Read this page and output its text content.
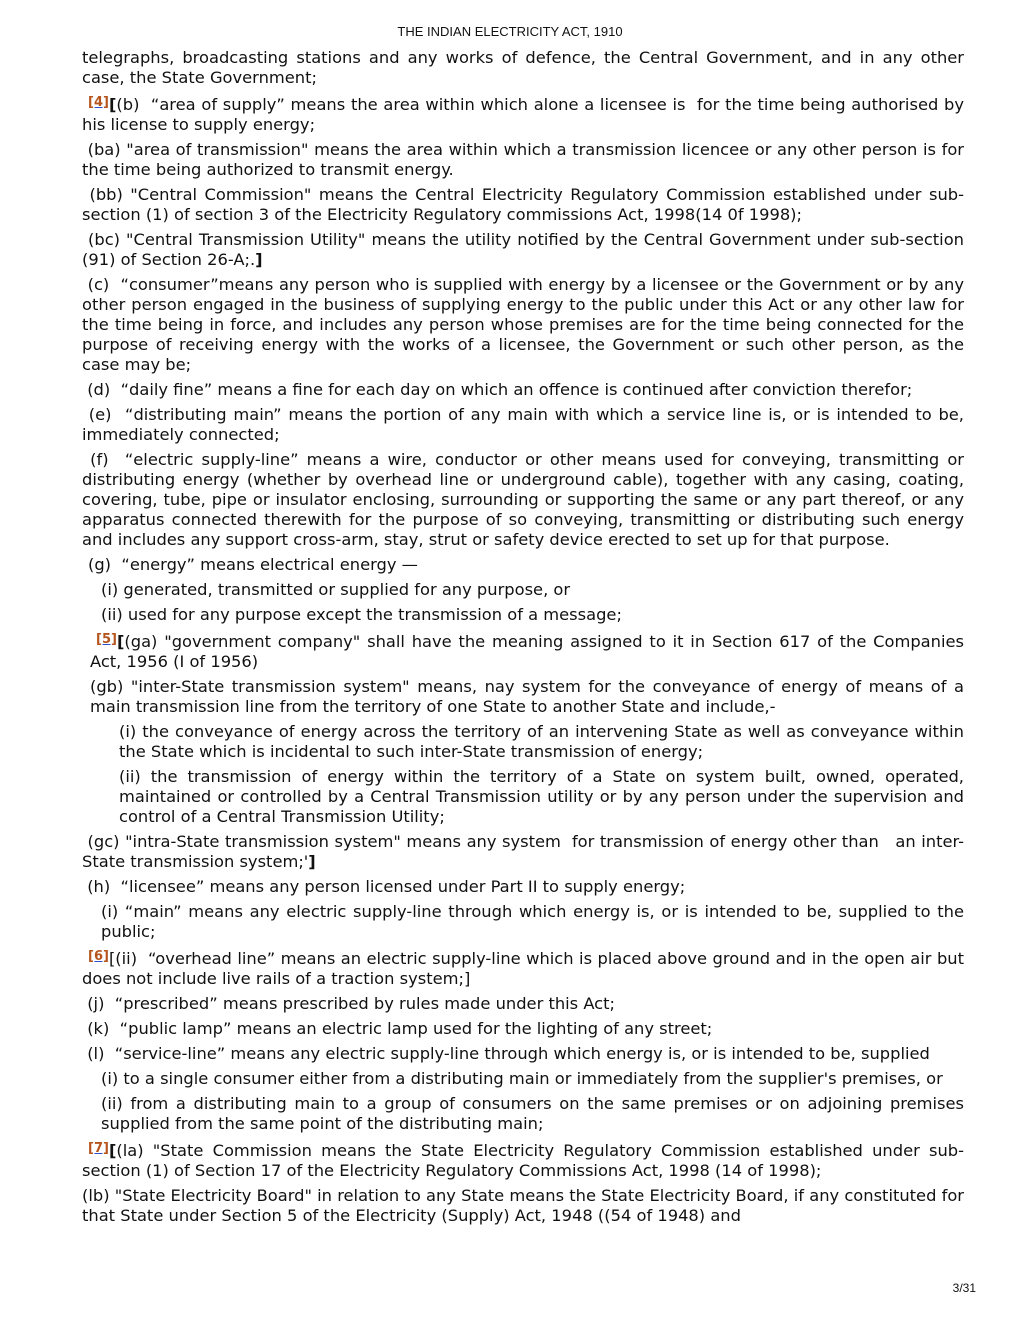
THE INDIAN ELECTRICITY ACT, 1910

telegraphs, broadcasting stations and any works of defence, the Central Government, and in any other case, the State Government;

[4][(b)  “area of supply” means the area within which alone a licensee is  for the time being authorised by his license to supply energy;

(ba) "area of transmission" means the area within which a transmission licencee or any other person is for the time being authorized to transmit energy.

(bb) "Central Commission" means the Central Electricity Regulatory Commission established under sub-section (1) of section 3 of the Electricity Regulatory commissions Act, 1998(14 0f 1998);

(bc) "Central Transmission Utility" means the utility notified by the Central Government under sub-section (91) of Section 26-A;.]

(c)  “consumer”means any person who is supplied with energy by a licensee or the Government or by any other person engaged in the business of supplying energy to the public under this Act or any other law for the time being in force, and includes any person whose premises are for the time being connected for the purpose of receiving energy with the works of a licensee, the Government or such other person, as the case may be;

(d)  “daily fine” means a fine for each day on which an offence is continued after conviction therefor;

(e)  “distributing main” means the portion of any main with which a service line is, or is intended to be, immediately connected;

(f)  “electric supply-line” means a wire, conductor or other means used for conveying, transmitting or distributing energy (whether by overhead line or underground cable), together with any casing, coating, covering, tube, pipe or insulator enclosing, surrounding or supporting the same or any part thereof, or any apparatus connected therewith for the purpose of so conveying, transmitting or distributing such energy and includes any support cross-arm, stay, strut or safety device erected to set up for that purpose.

(g)  “energy” means electrical energy —

(i) generated, transmitted or supplied for any purpose, or

(ii) used for any purpose except the transmission of a message;

[5][(ga) "government company" shall have the meaning assigned to it in Section 617 of the Companies Act, 1956 (I of 1956)

(gb) "inter-State transmission system" means, nay system for the conveyance of energy of means of a main transmission line from the territory of one State to another State and include,-

(i) the conveyance of energy across the territory of an intervening State as well as conveyance within the State which is incidental to such inter-State transmission of energy;

(ii) the transmission of energy within the territory of a State on system built, owned, operated, maintained or controlled by a Central Transmission utility or by any person under the supervision and control of a Central Transmission Utility;

(gc) "intra-State transmission system" means any system  for transmission of energy other than   an inter-State transmission system;']

(h)  “licensee” means any person licensed under Part II to supply energy;

(i) “main” means any electric supply-line through which energy is, or is intended to be, supplied to the public;

[6][(ii)  “overhead line” means an electric supply-line which is placed above ground and in the open air but does not include live rails of a traction system;]

(j)  “prescribed” means prescribed by rules made under this Act;

(k)  “public lamp” means an electric lamp used for the lighting of any street;

(l)  “service-line” means any electric supply-line through which energy is, or is intended to be, supplied

(i) to a single consumer either from a distributing main or immediately from the supplier's premises, or

(ii) from a distributing main to a group of consumers on the same premises or on adjoining premises supplied from the same point of the distributing main;

[7][(la) "State Commission means the State Electricity Regulatory Commission established under sub-section (1) of Section 17 of the Electricity Regulatory Commissions Act, 1998 (14 of 1998);

(lb) "State Electricity Board" in relation to any State means the State Electricity Board, if any constituted for that State under Section 5 of the Electricity (Supply) Act, 1948 ((54 of 1948) and

3/31
